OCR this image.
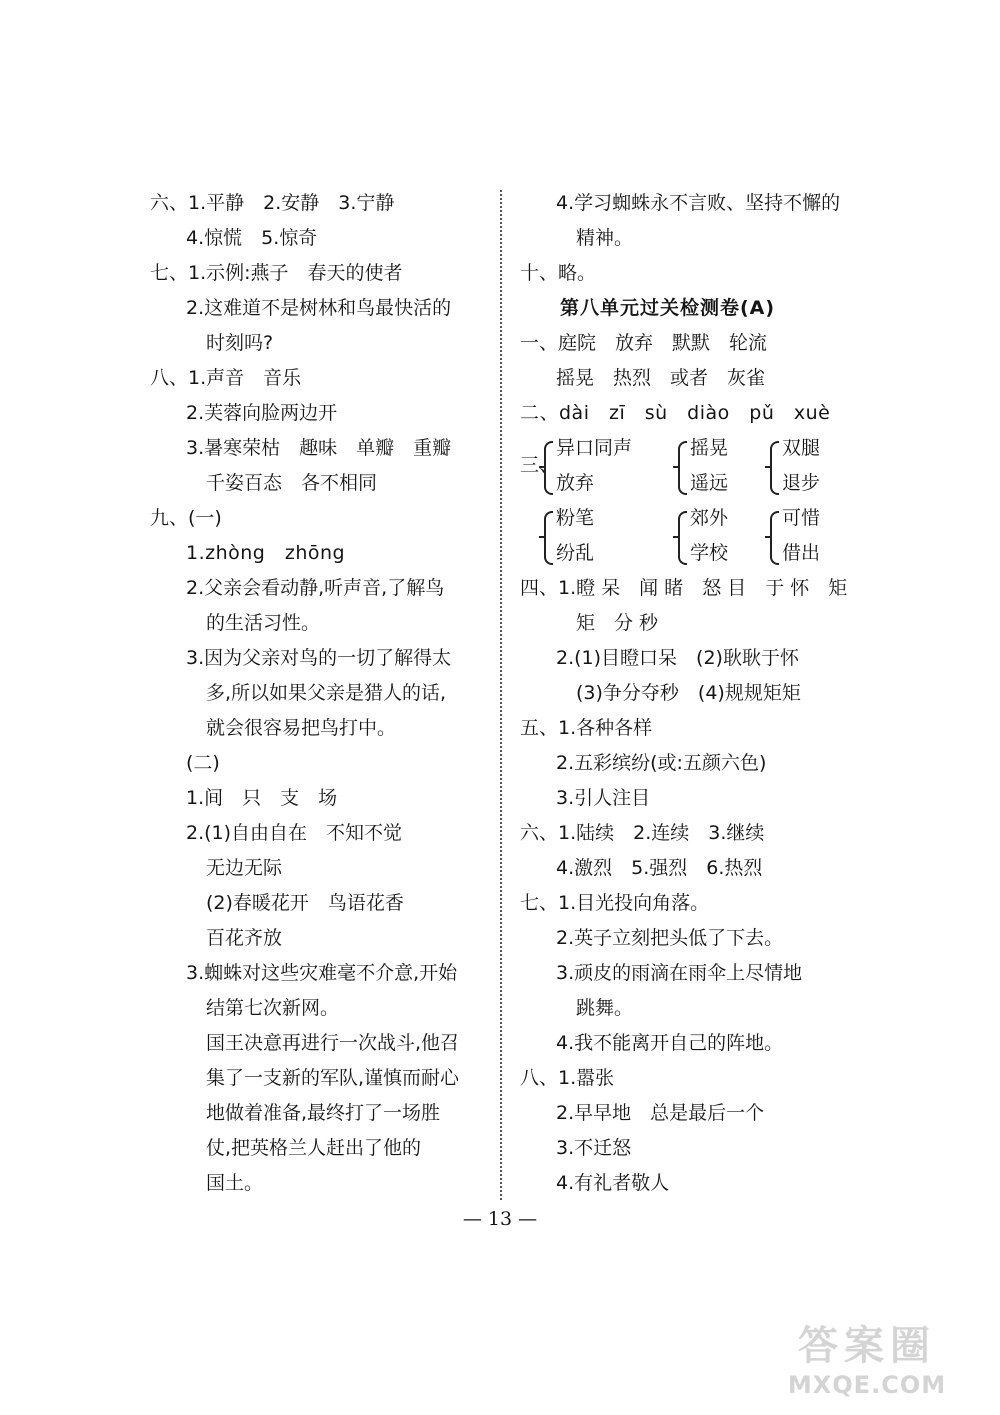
六、1.平静　2.安静　3.宁静
4.惊慌　5.惊奇
七、1.示例:燕子　春天的使者
2.这难道不是树林和鸟最快活的
时刻吗?
八、1.声音　音乐
2.芙蓉向脸两边开
3.暑寒荣枯　趣味　单瓣　重瓣
千姿百态　各不相同
九、(一)
1.zhòng　zhōng
2.父亲会看动静,听声音,了解鸟
的生活习性。
3.因为父亲对鸟的一切了解得太
多,所以如果父亲是猎人的话,
就会很容易把鸟打中。
(二)
1.间　只　支　场
2.(1)自由自在　不知不觉
无边无际
(2)春暖花开　鸟语花香
百花齐放
3.蜘蛛对这些灾难毫不介意,开始
结第七次新网。
国王决意再进行一次战斗,他召
集了一支新的军队,谨慎而耐心
地做着准备,最终打了一场胜
仗,把英格兰人赶出了他的
国土。
4.学习蜘蛛永不言败、坚持不懈的
精神。
十、略。
第八单元过关检测卷(A)
一、庭院　放弃　默默　轮流
摇晃　热烈　或者　灰雀
二、dài　zī　sù　diào　pǔ　xuè
三、
异口同声
放弃
摇晃
遥远
双腿
退步
粉笔
纷乱
郊外
学校
可惜
借出
四、1.瞪 呆　闻 睹　怒 目　于 怀　矩
矩　分 秒
2.(1)目瞪口呆　(2)耿耿于怀
(3)争分夺秒　(4)规规矩矩
五、1.各种各样
2.五彩缤纷(或:五颜六色)
3.引人注目
六、1.陆续　2.连续　3.继续
4.激烈　5.强烈　6.热烈
七、1.目光投向角落。
2.英子立刻把头低了下去。
3.顽皮的雨滴在雨伞上尽情地
跳舞。
4.我不能离开自己的阵地。
八、1.嚣张
2.早早地　总是最后一个
3.不迁怒
4.有礼者敬人
— 13 —
答案圈
MXQE.COM
